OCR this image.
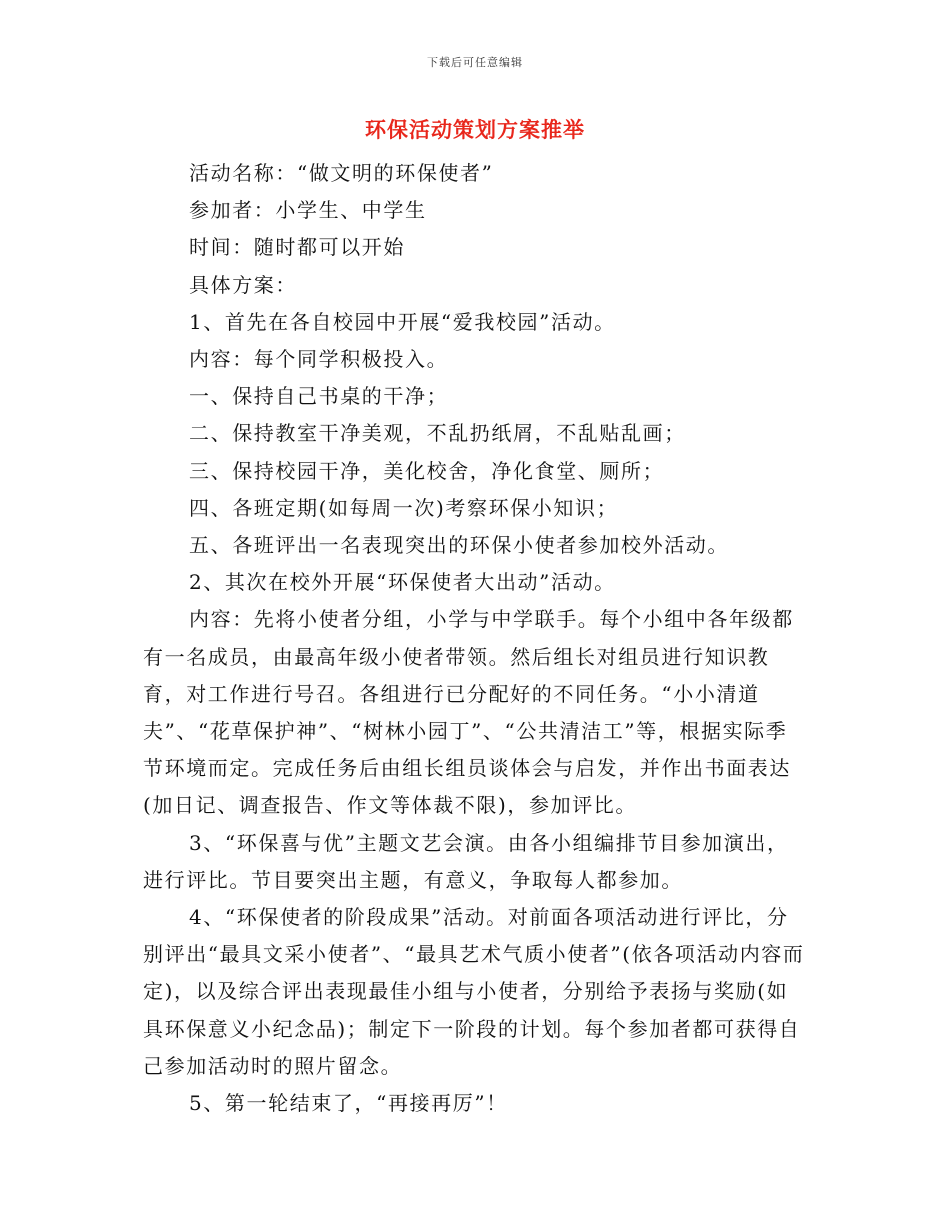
下载后可任意编辑
环保活动策划方案推举

活动名称：“做文明的环保使者”

参加者：小学生、中学生

时间：随时都可以开始

具体方案：

1、首先在各自校园中开展“爱我校园”活动。

内容：每个同学积极投入。

一、保持自己书桌的干净；

二、保持教室干净美观，不乱扔纸屑，不乱贴乱画；

三、保持校园干净，美化校舍，净化食堂、厕所；

四、各班定期(如每周一次)考察环保小知识；

五、各班评出一名表现突出的环保小使者参加校外活动。

2、其次在校外开展“环保使者大出动”活动。

内容：先将小使者分组，小学与中学联手。每个小组中各年级都有一名成员，由最高年级小使者带领。然后组长对组员进行知识教育，对工作进行号召。各组进行已分配好的不同任务。“小小清道夫”、“花草保护神”、“树林小园丁”、“公共清洁工”等，根据实际季节环境而定。完成任务后由组长组员谈体会与启发，并作出书面表达(加日记、调查报告、作文等体裁不限)，参加评比。

3、“环保喜与优”主题文艺会演。由各小组编排节目参加演出，进行评比。节目要突出主题，有意义，争取每人都参加。

4、“环保使者的阶段成果”活动。对前面各项活动进行评比，分别评出“最具文采小使者”、“最具艺术气质小使者”(依各项活动内容而定)，以及综合评出表现最佳小组与小使者，分别给予表扬与奖励(如具环保意义小纪念品)；制定下一阶段的计划。每个参加者都可获得自己参加活动时的照片留念。

5、第一轮结束了，“再接再厉”！
